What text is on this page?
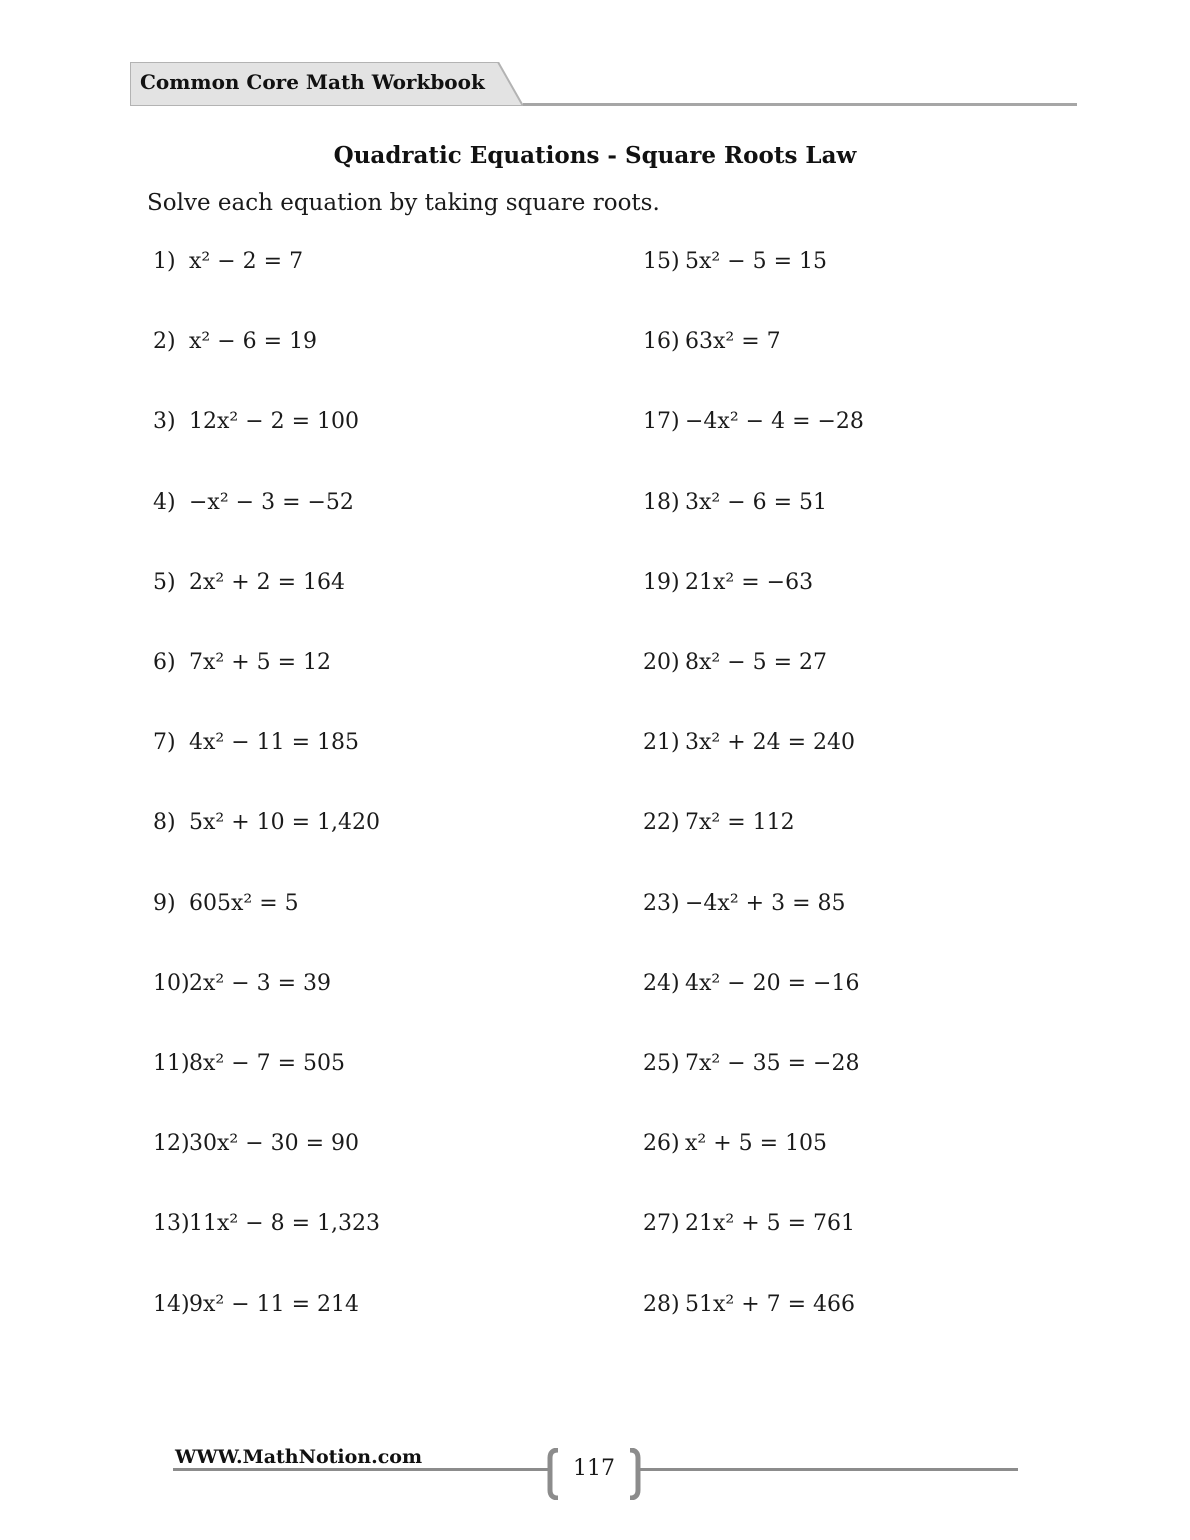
Common Core Math Workbook
Quadratic Equations - Square Roots Law
Solve each equation by taking square roots.
1) x² − 2 = 7
2) x² − 6 = 19
3) 12x² − 2 = 100
4) −x² − 3 = −52
5) 2x² + 2 = 164
6) 7x² + 5 = 12
7) 4x² − 11 = 185
8) 5x² + 10 = 1,420
9) 605x² = 5
10)2x² − 3 = 39
11)8x² − 7 = 505
12)30x² − 30 = 90
13)11x² − 8 = 1,323
14)9x² − 11 = 214
15) 5x² − 5 = 15
16) 63x² = 7
17) −4x² − 4 = −28
18) 3x² − 6 = 51
19) 21x² = −63
20) 8x² − 5 = 27
21) 3x² + 24 = 240
22) 7x² = 112
23) −4x² + 3 = 85
24) 4x² − 20 = −16
25) 7x² − 35 = −28
26) x² + 5 = 105
27) 21x² + 5 = 761
28) 51x² + 7 = 466
WWW.MathNotion.com	117
